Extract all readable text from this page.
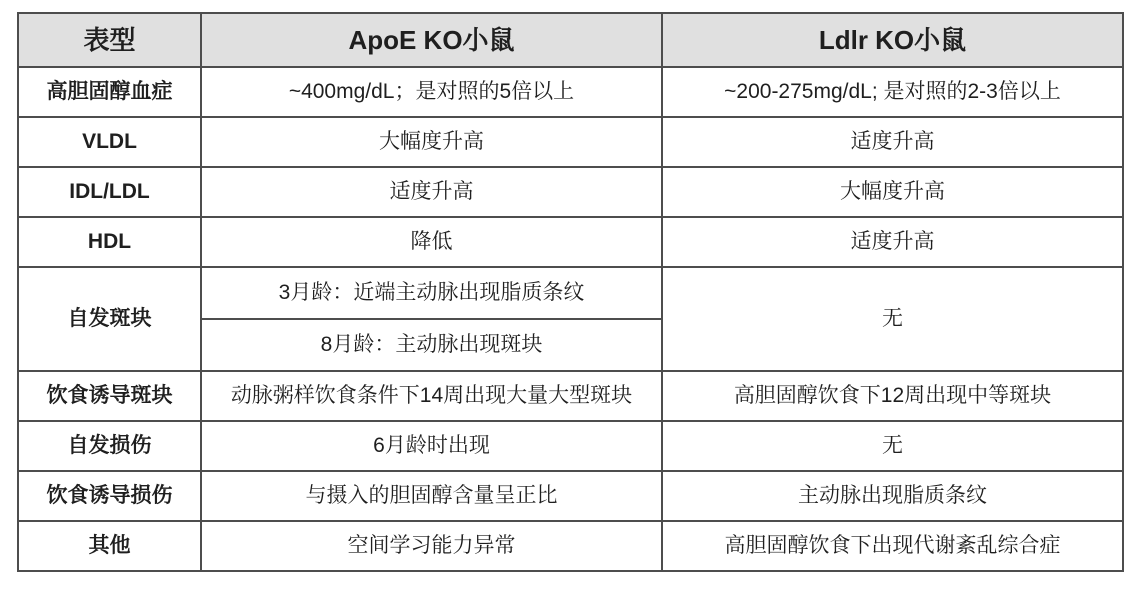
表型	ApoE KO小鼠	Ldlr KO小鼠
高胆固醇血症	~400mg/dL；是对照的5倍以上	~200-275mg/dL; 是对照的2-3倍以上
VLDL	大幅度升高	适度升高
IDL/LDL	适度升高	大幅度升高
HDL	降低	适度升高
自发斑块	3月龄：近端主动脉出现脂质条纹	无
	8月龄：主动脉出现斑块	
饮食诱导斑块	动脉粥样饮食条件下14周出现大量大型斑块	高胆固醇饮食下12周出现中等斑块
自发损伤	6月龄时出现	无
饮食诱导损伤	与摄入的胆固醇含量呈正比	主动脉出现脂质条纹
其他	空间学习能力异常	高胆固醇饮食下出现代谢紊乱综合症
